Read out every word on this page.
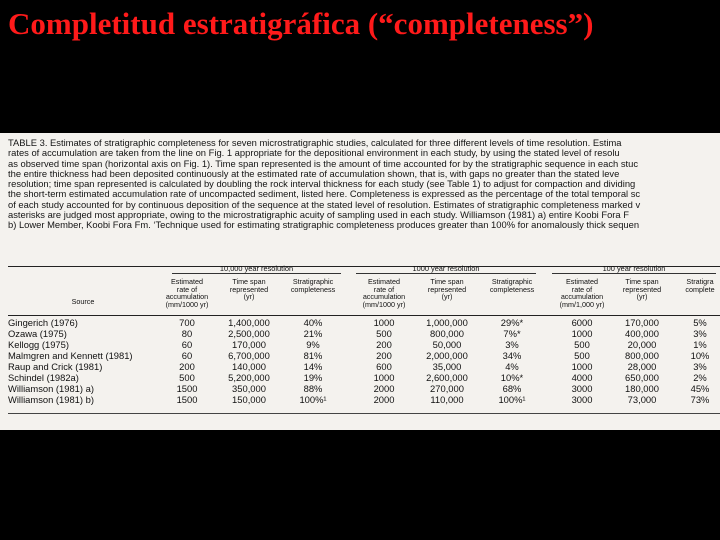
Completitud estratigráfica (“completeness”)

TABLE 3. Estimates of stratigraphic completeness for seven microstratigraphic studies, calculated for three different levels of time resolution. Estima

rates of accumulation are taken from the line on Fig. 1 appropriate for the depositional environment in each study, by using the stated level of resolu

as observed time span (horizontal axis on Fig. 1). Time span represented is the amount of time accounted for by the stratigraphic sequence in each stuc

the entire thickness had been deposited continuously at the estimated rate of accumulation shown, that is, with gaps no greater than the stated leve

resolution; time span represented is calculated by doubling the rock interval thickness for each study (see Table 1) to adjust for compaction and dividing

the short-term estimated accumulation rate of uncompacted sediment, listed here. Completeness is expressed as the percentage of the total temporal sc

of each study accounted for by continuous deposition of the sequence at the stated level of resolution. Estimates of stratigraphic completeness marked v

asterisks are judged most appropriate, owing to the microstratigraphic acuity of sampling used in each study. Williamson (1981) a) entire Koobi Fora F

b) Lower Member, Koobi Fora Fm. ‘Technique used for estimating stratigraphic completeness produces greater than 100% for anomalously thick sequen

10,000 year resolution	1000 year resolution	100 year resolution
Source
Estimated
rate of
accumulation
(mm/1000 yr)
Time span
represented
(yr)
Stratigraphic
completeness
Estimated
rate of
accumulation
(mm/1000 yr)
Time span
represented
(yr)
Stratigraphic
completeness
Estimated
rate of
accumulation
(mm/1,000 yr)
Time span
represented
(yr)
Stratigra
complete
Gingerich (1976)	700	1,400,000	40%	1000	1,000,000	29%*	6000	170,000	5%
Ozawa (1975)	80	2,500,000	21%	500	800,000	7%*	1000	400,000	3%
Kellogg (1975)	60	170,000	9%	200	50,000	3%	500	20,000	1%
Malmgren and Kennett (1981)	60	6,700,000	81%	200	2,000,000	34%	500	800,000	10%
Raup and Crick (1981)	200	140,000	14%	600	35,000	4%	1000	28,000	3%
Schindel (1982a)	500	5,200,000	19%	1000	2,600,000	10%*	4000	650,000	2%
Williamson (1981) a)	1500	350,000	88%	2000	270,000	68%	3000	180,000	45%
Williamson (1981) b)	1500	150,000	100%¹	2000	110,000	100%¹	3000	73,000	73%
